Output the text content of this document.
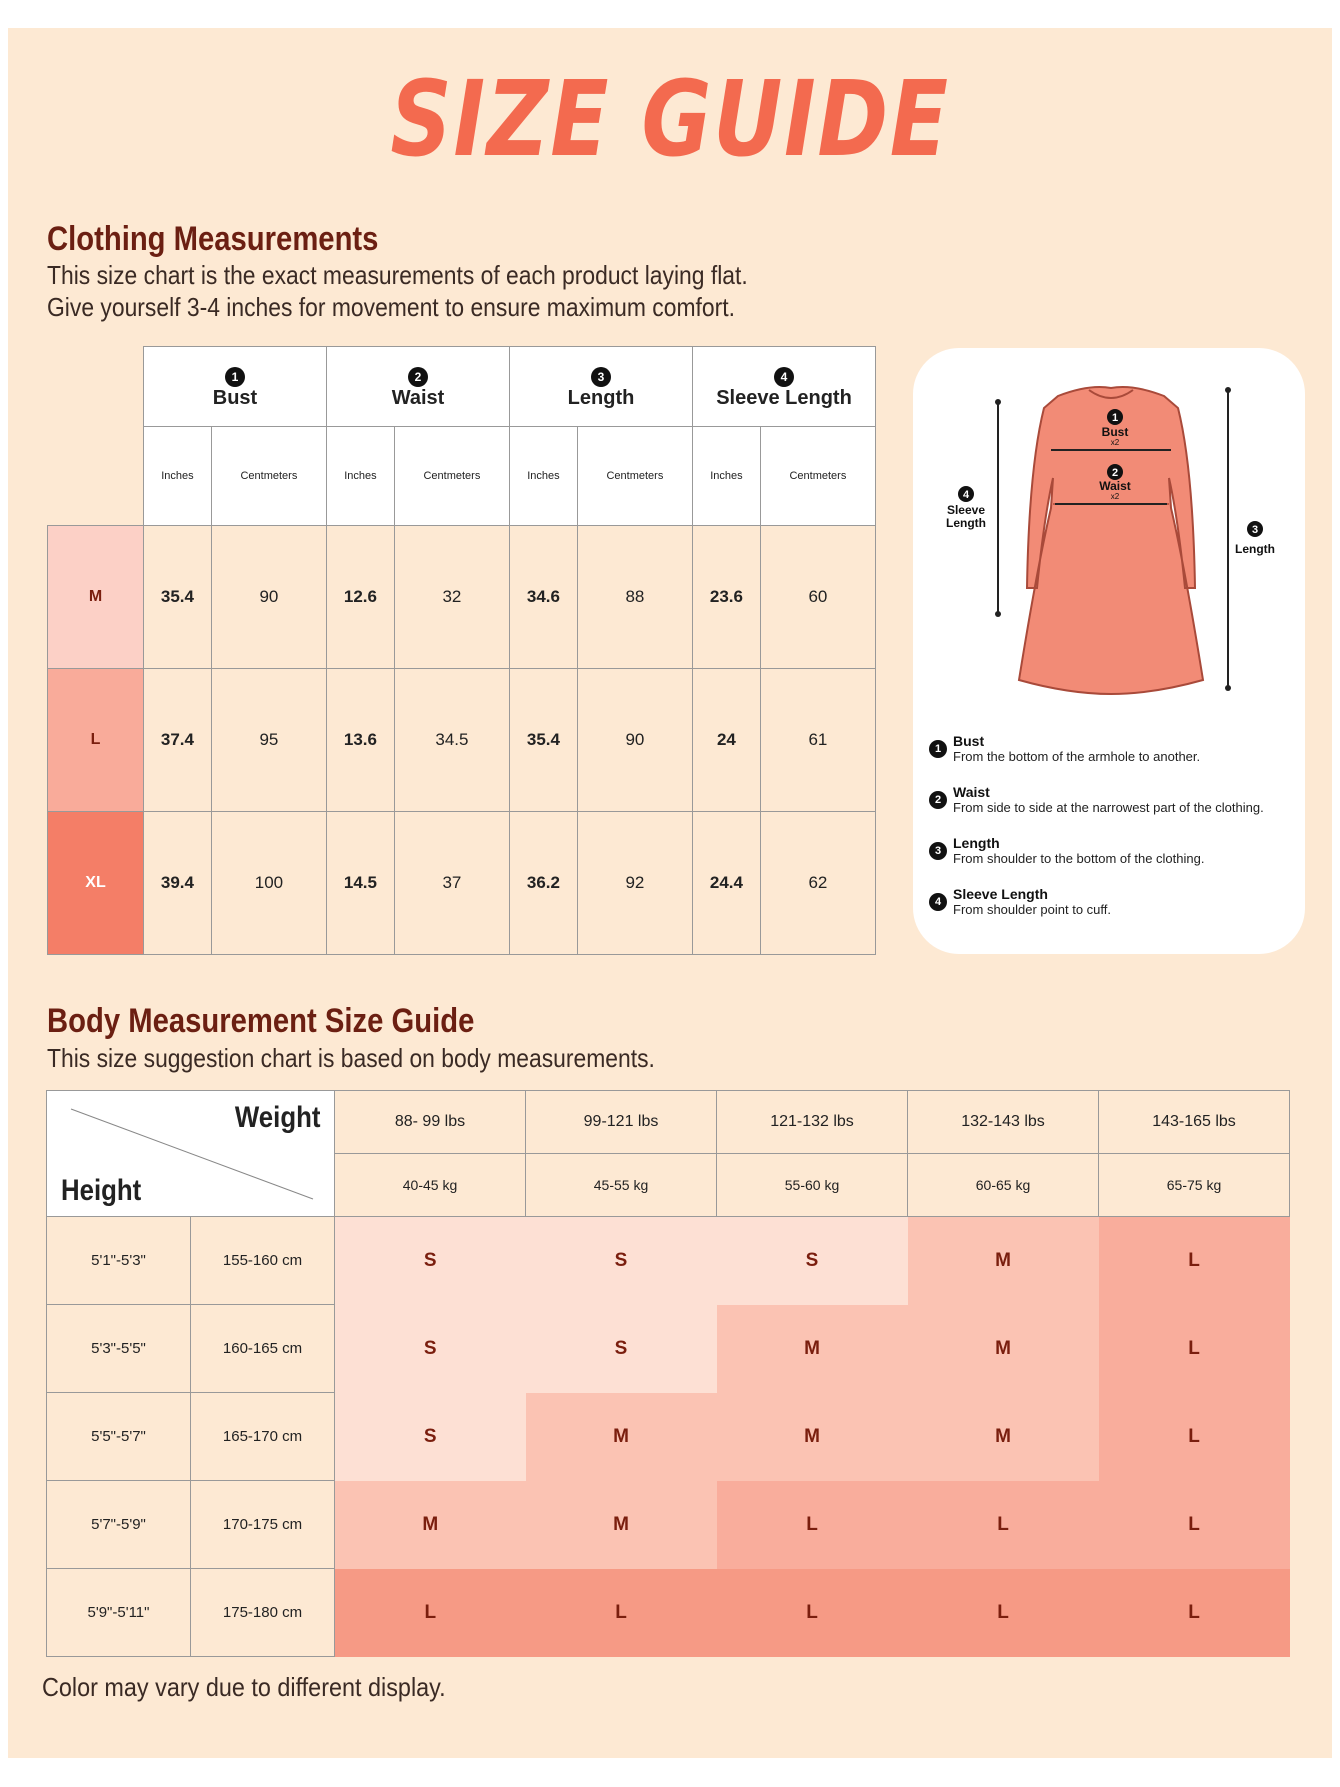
SIZE GUIDE
Clothing Measurements
This size chart is the exact measurements of each product laying flat.
Give yourself 3-4 inches for movement to ensure maximum comfort.
	1
Bust		2
Waist		3
Length		4
Sleeve Length	
	Inches	Centmeters	Inches	Centmeters	Inches	Centmeters	Inches	Centmeters
M	35.4	90	12.6	32	34.6	88	23.6	60
L	37.4	95	13.6	34.5	35.4	90	24	61
XL	39.4	100	14.5	37	36.2	92	24.4	62
1
Bust
x2
2
Waist
x2
4
Sleeve
Length	3
Length
1 Bust
From the bottom of the armhole to another.
2 Waist
From side to side at the narrowest part of the clothing.
3 Length
From shoulder to the bottom of the clothing.
4 Sleeve Length
From shoulder point to cuff.
Body Measurement Size Guide
This size suggestion chart is based on body measurements.
Weight
Height		88- 99 lbs	99-121 lbs	121-132 lbs	132-143 lbs	143-165 lbs
		40-45 kg	45-55 kg	55-60 kg	60-65 kg	65-75 kg
5'1"-5'3"	155-160 cm	S	S	S	M	L
5'3"-5'5"	160-165 cm	S	S	M	M	L
5'5"-5'7"	165-170 cm	S	M	M	M	L
5'7"-5'9"	170-175 cm	M	M	L	L	L
5'9"-5'11"	175-180 cm	L	L	L	L	L
Color may vary due to different display.
